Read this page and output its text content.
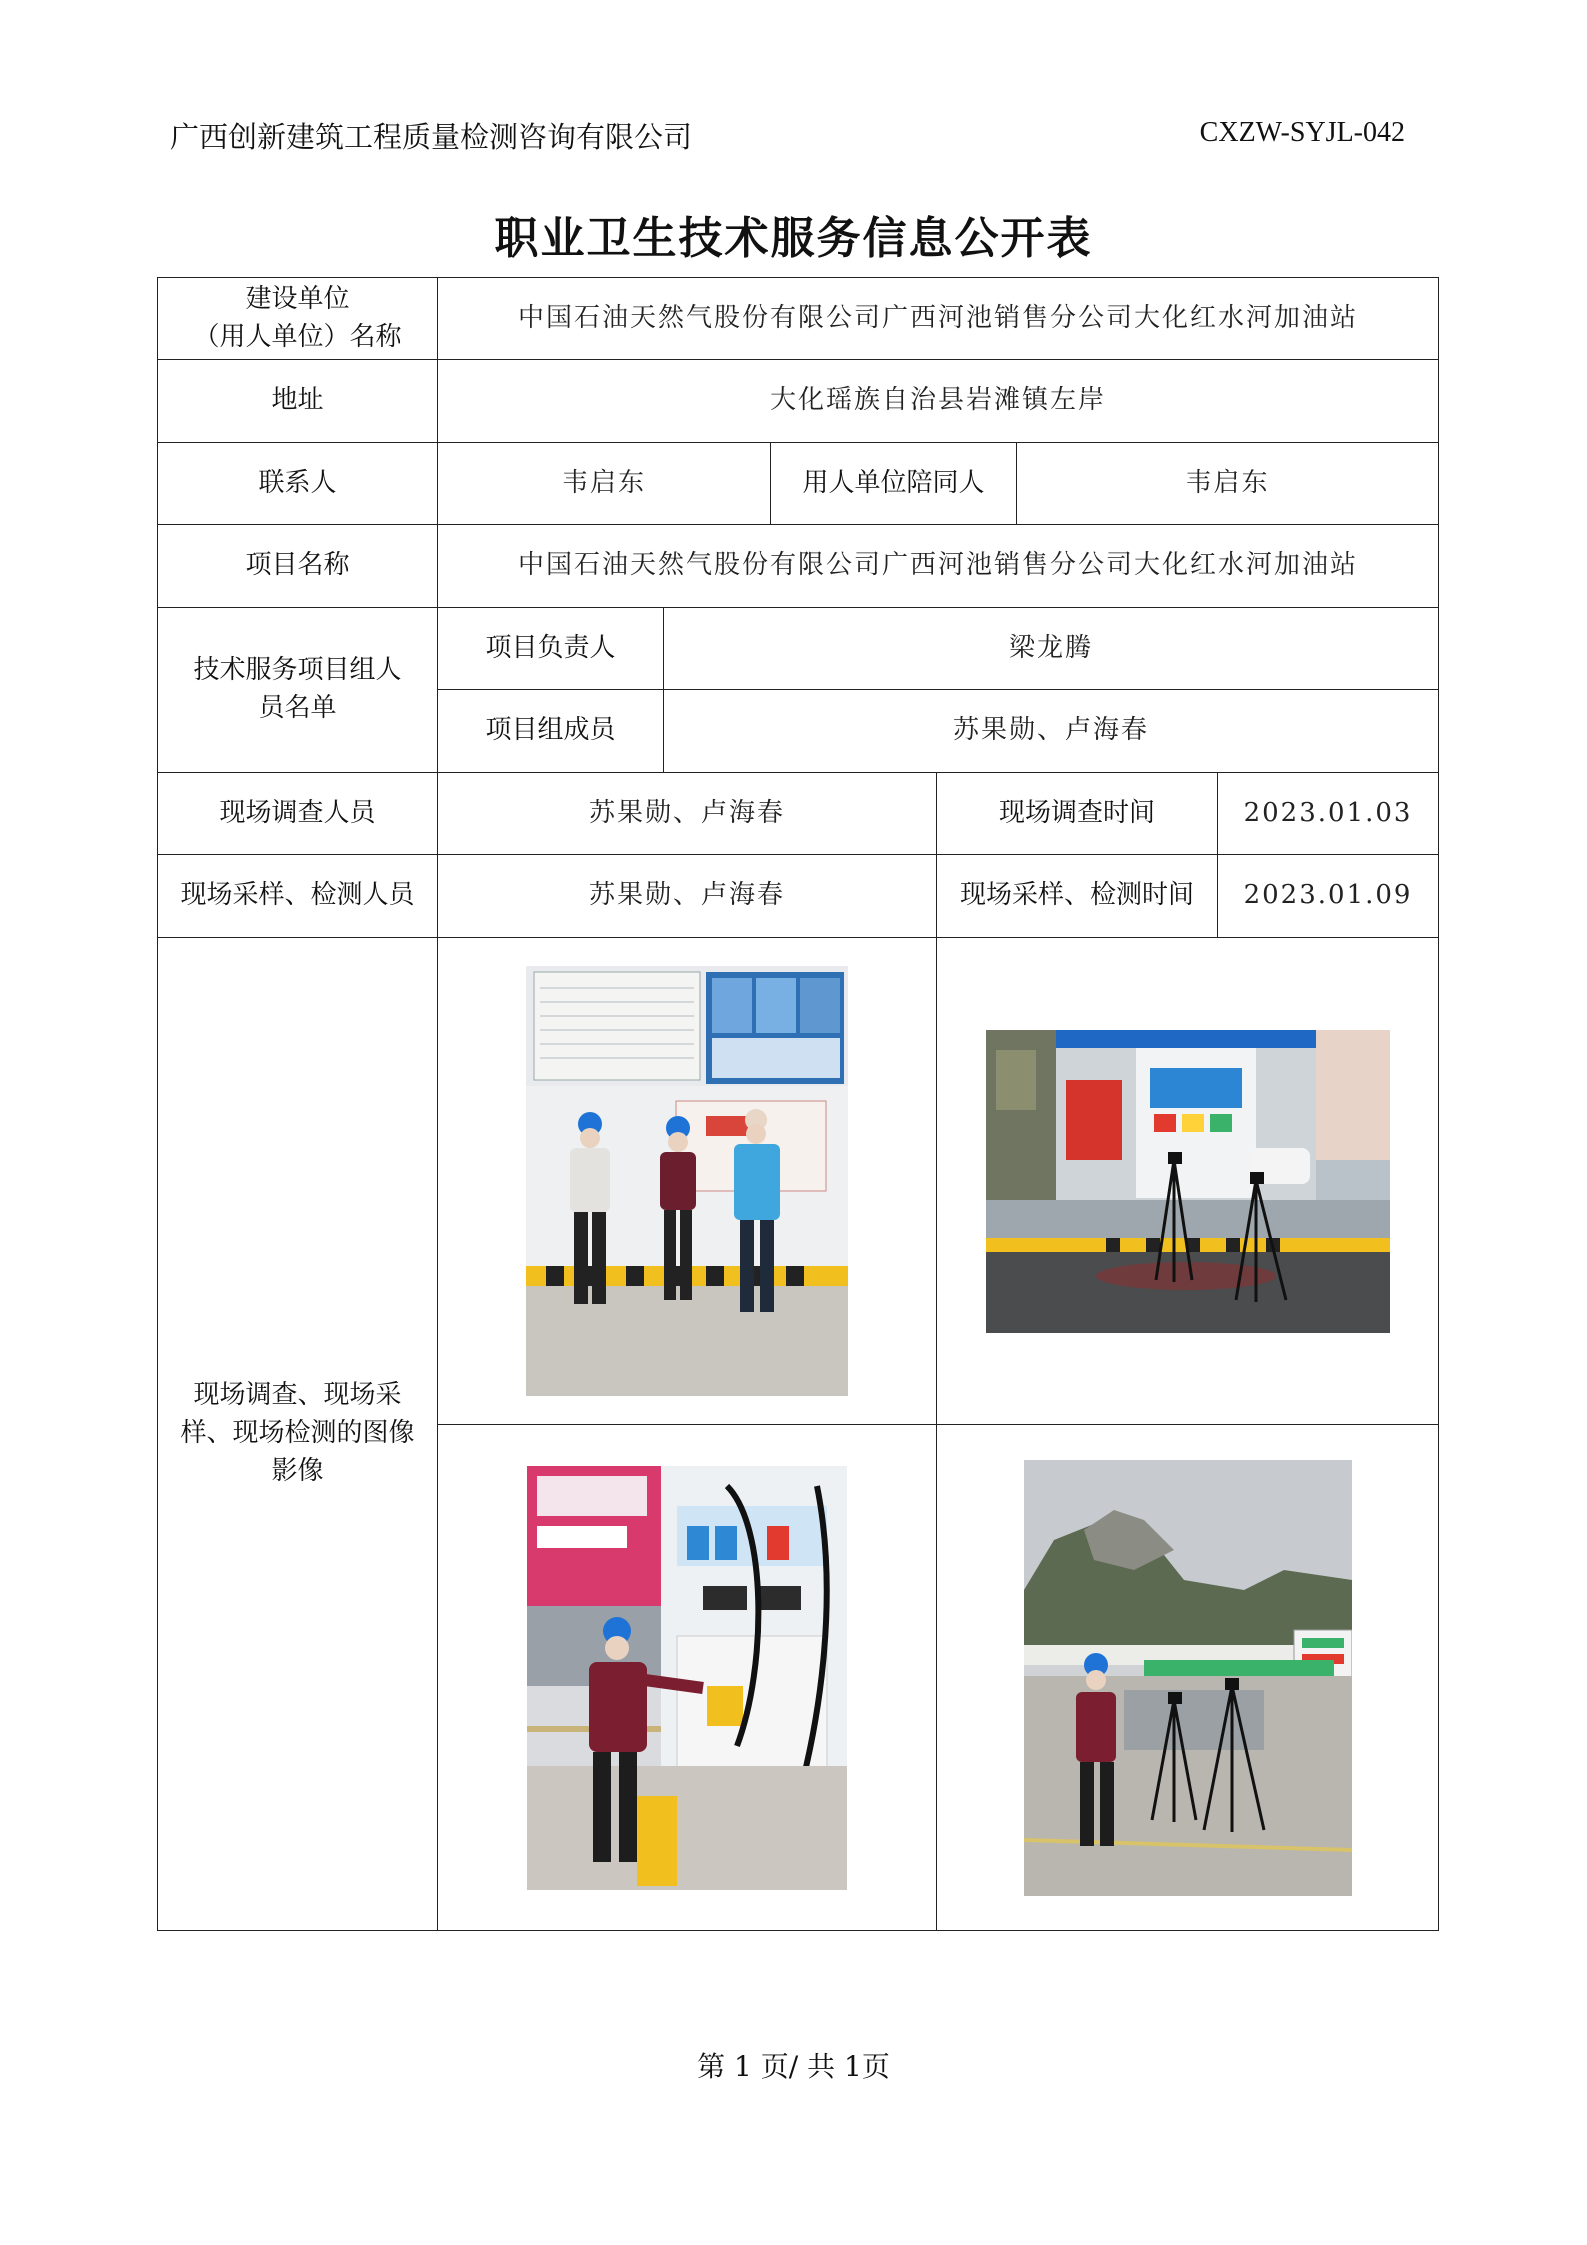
广西创新建筑工程质量检测咨询有限公司	CXZW-SYJL-042
职业卫生技术服务信息公开表
建设单位
（用人单位）名称	中国石油天然气股份有限公司广西河池销售分公司大化红水河加油站					
地址	大化瑶族自治县岩滩镇左岸					
联系人	韦启东		用人单位陪同人		韦启东	
项目名称	中国石油天然气股份有限公司广西河池销售分公司大化红水河加油站					

技术服务项目组人
员名单	项目负责人	梁龙腾				
	项目组成员	苏果勋、卢海春				
现场调查人员	苏果勋、卢海春			现场调查时间		2023.01.03
现场采样、检测人员	苏果勋、卢海春			现场采样、检测时间		2023.01.09

现场调查、现场采
样、现场检测的图像
影像

第 1 页/ 共 1页
